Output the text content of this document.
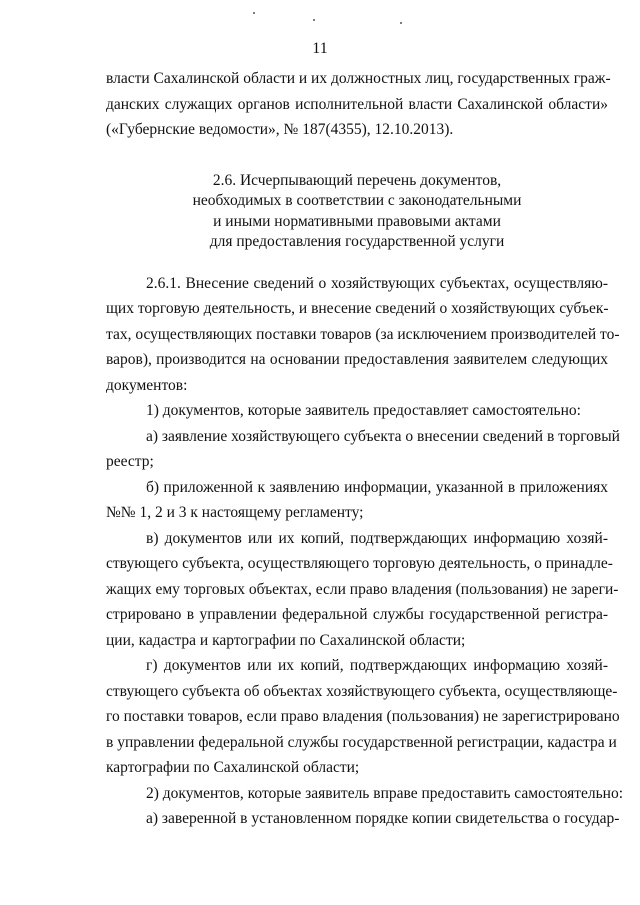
11
власти Сахалинской области и их должностных лиц, государственных граж-
данских служащих органов исполнительной власти Сахалинской области»
(«Губернские ведомости», № 187(4355), 12.10.2013).
2.6. Исчерпывающий перечень документов,
необходимых в соответствии с законодательными
и иными нормативными правовыми актами
для предоставления государственной услуги
2.6.1. Внесение сведений о хозяйствующих субъектах, осуществляю-
щих торговую деятельность, и внесение сведений о хозяйствующих субъек-
тах, осуществляющих поставки товаров (за исключением производителей то-
варов), производится на основании предоставления заявителем следующих
документов:
1) документов, которые заявитель предоставляет самостоятельно:
а) заявление хозяйствующего субъекта о внесении сведений в торговый
реестр;
б) приложенной к заявлению информации, указанной в приложениях
№№ 1, 2 и 3 к настоящему регламенту;
в) документов или их копий, подтверждающих информацию хозяй-
ствующего субъекта, осуществляющего торговую деятельность, о принадле-
жащих ему торговых объектах, если право владения (пользования) не зареги-
стрировано в управлении федеральной службы государственной регистра-
ции, кадастра и картографии по Сахалинской области;
г) документов или их копий, подтверждающих информацию хозяй-
ствующего субъекта об объектах хозяйствующего субъекта, осуществляюще-
го поставки товаров, если право владения (пользования) не зарегистрировано
в управлении федеральной службы государственной регистрации, кадастра и
картографии по Сахалинской области;
2) документов, которые заявитель вправе предоставить самостоятельно:
а) заверенной в установленном порядке копии свидетельства о государ-
